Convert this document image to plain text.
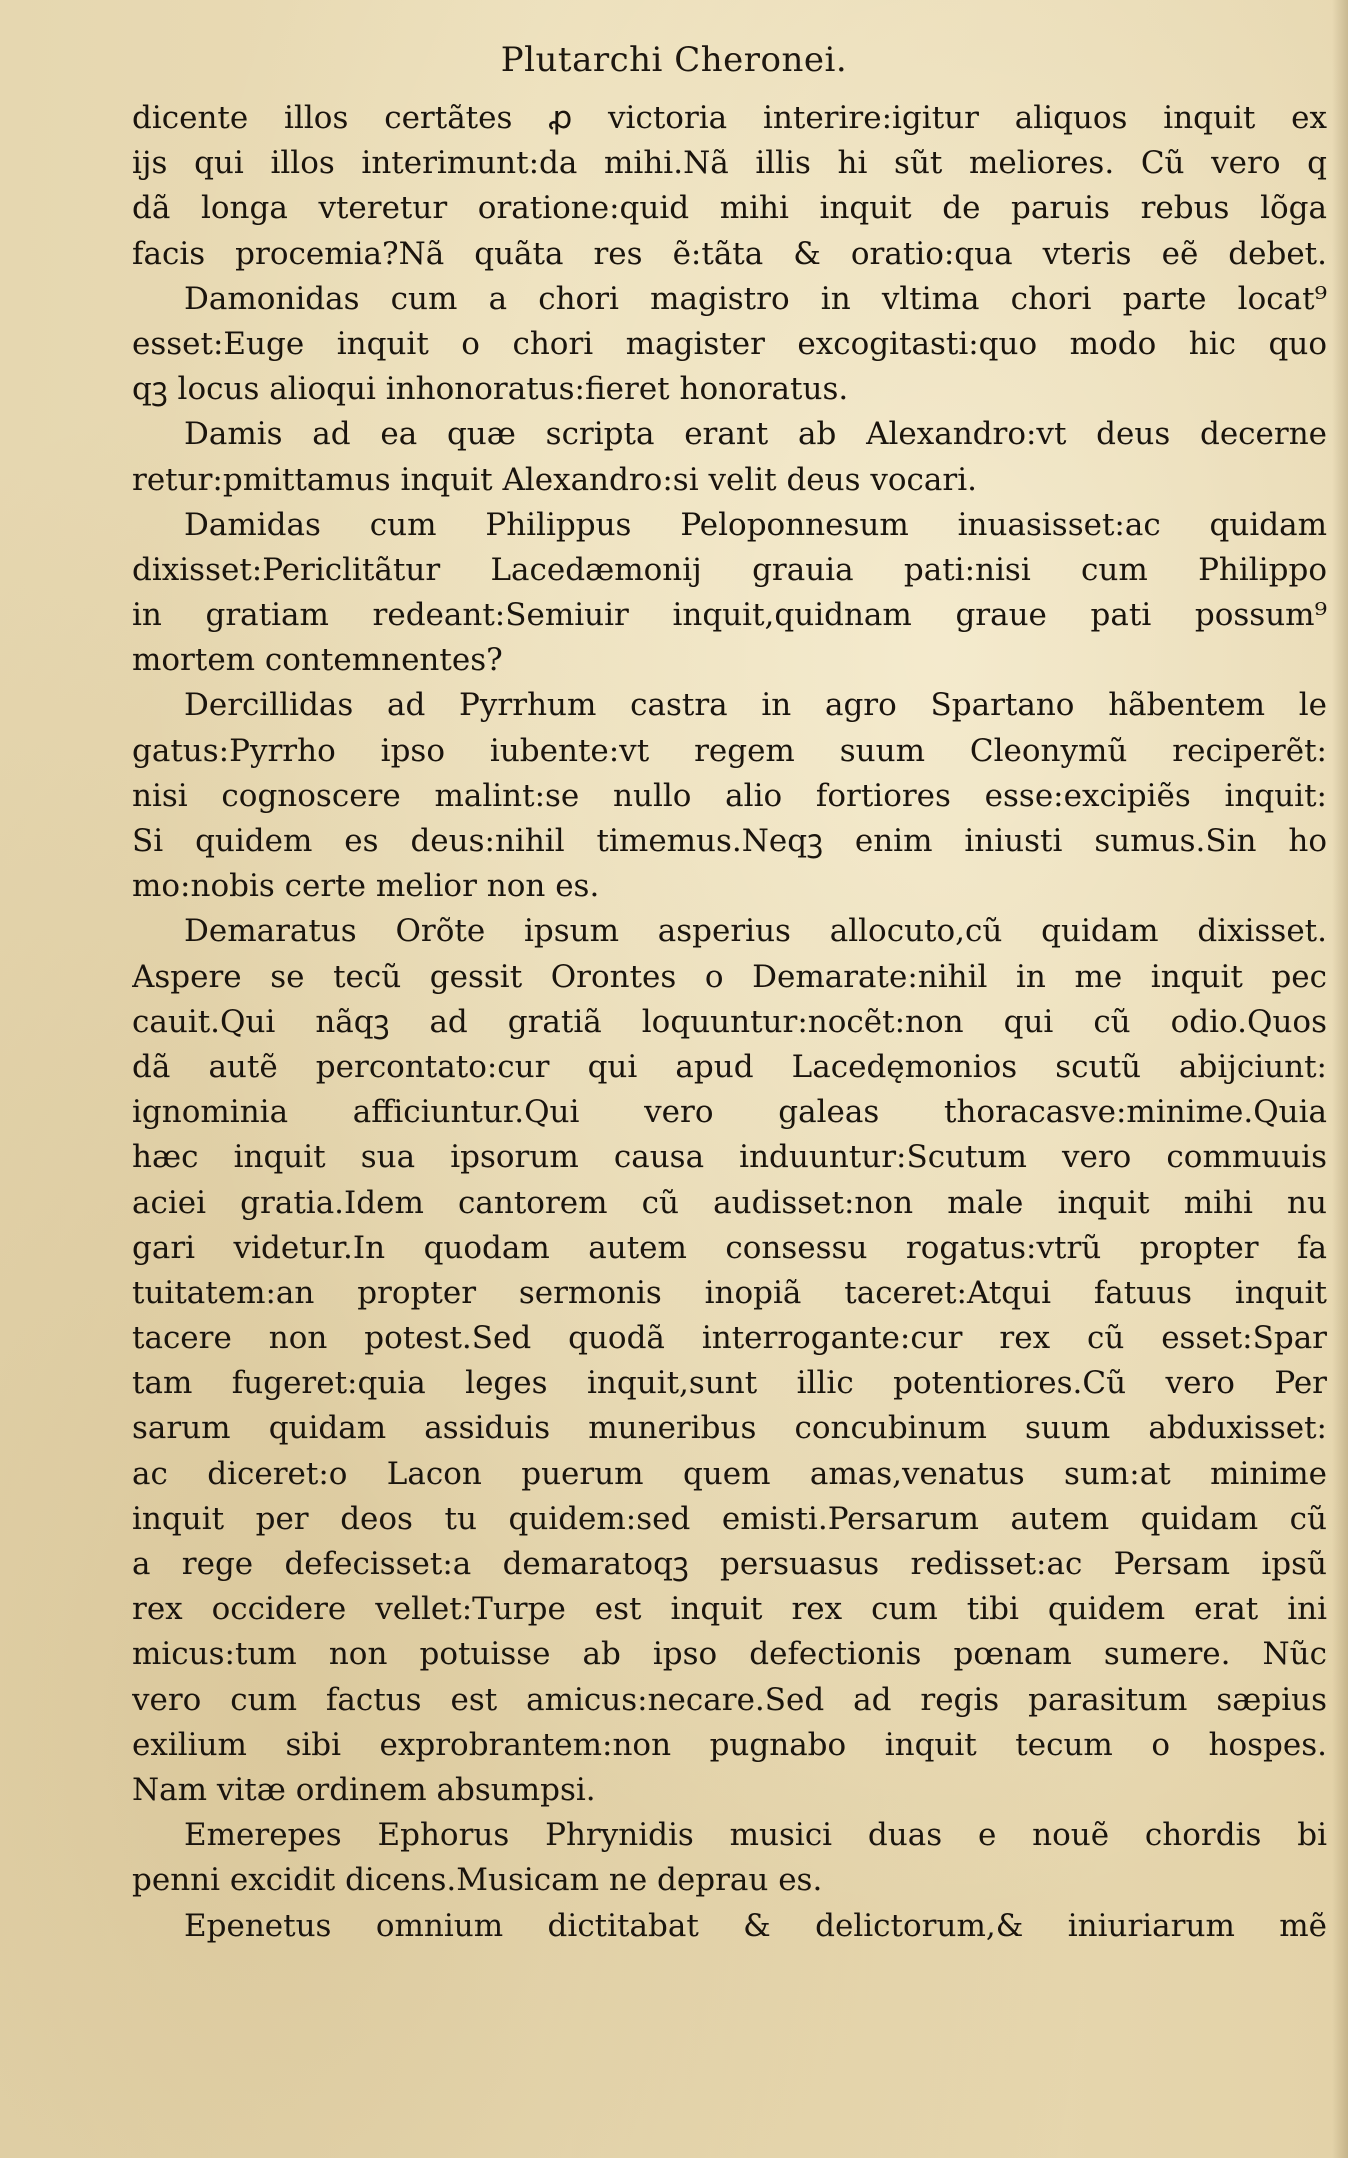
Plutarchi Cheronei.
dicente illos certãtes ꝓ victoria interire:igitur aliquos inquit ex
ijs qui illos interimunt:da mihi.Nã illis hi sũt meliores. Cũ vero q
dã longa vteretur oratione:quid mihi inquit de paruis rebus lõga
facis procemia?Nã quãta res ẽ:tãta & oratio:qua vteris eẽ debet.
Damonidas cum a chori magistro in vltima chori parte locat⁹
esset:Euge inquit o chori magister excogitasti:quo modo hic quo
qꝫ locus alioqui inhonoratus:fieret honoratus.
Damis ad ea quæ scripta erant ab Alexandro:vt deus decerne
retur:pmittamus inquit Alexandro:si velit deus vocari.
Damidas cum Philippus Peloponnesum inuasisset:ac quidam
dixisset:Periclitãtur Lacedæmonij grauia pati:nisi cum Philippo
in gratiam redeant:Semiuir inquit,quidnam graue pati possum⁹
mortem contemnentes?
Dercillidas ad Pyrrhum castra in agro Spartano hãbentem le
gatus:Pyrrho ipso iubente:vt regem suum Cleonymũ reciperẽt:
nisi cognoscere malint:se nullo alio fortiores esse:excipiẽs inquit:
Si quidem es deus:nihil timemus.Neqꝫ enim iniusti sumus.Sin ho
mo:nobis certe melior non es.
Demaratus Orõte ipsum asperius allocuto,cũ quidam dixisset.
Aspere se tecũ gessit Orontes o Demarate:nihil in me inquit pec
cauit.Qui nãqꝫ ad gratiã loquuntur:nocẽt:non qui cũ odio.Quos
dã autẽ percontato:cur qui apud Lacedęmonios scutũ abijciunt:
ignominia afficiuntur.Qui vero galeas thoracasve:minime.Quia
hæc inquit sua ipsorum causa induuntur:Scutum vero commuuis
aciei gratia.Idem cantorem cũ audisset:non male inquit mihi nu
gari videtur.In quodam autem consessu rogatus:vtrũ propter fa
tuitatem:an propter sermonis inopiã taceret:Atqui fatuus inquit
tacere non potest.Sed quodã interrogante:cur rex cũ esset:Spar
tam fugeret:quia leges inquit,sunt illic potentiores.Cũ vero Per
sarum quidam assiduis muneribus concubinum suum abduxisset:
ac diceret:o Lacon puerum quem amas,venatus sum:at minime
inquit per deos tu quidem:sed emisti.Persarum autem quidam cũ
a rege defecisset:a demaratoqꝫ persuasus redisset:ac Persam ipsũ
rex occidere vellet:Turpe est inquit rex cum tibi quidem erat ini
micus:tum non potuisse ab ipso defectionis pœnam sumere. Nũc
vero cum factus est amicus:necare.Sed ad regis parasitum sæpius
exilium sibi exprobrantem:non pugnabo inquit tecum o hospes.
Nam vitæ ordinem absumpsi.
Emerepes Ephorus Phrynidis musici duas e nouẽ chordis bi
penni excidit dicens.Musicam ne deprau es.
Epenetus omnium dictitabat & delictorum,& iniuriarum mẽ
